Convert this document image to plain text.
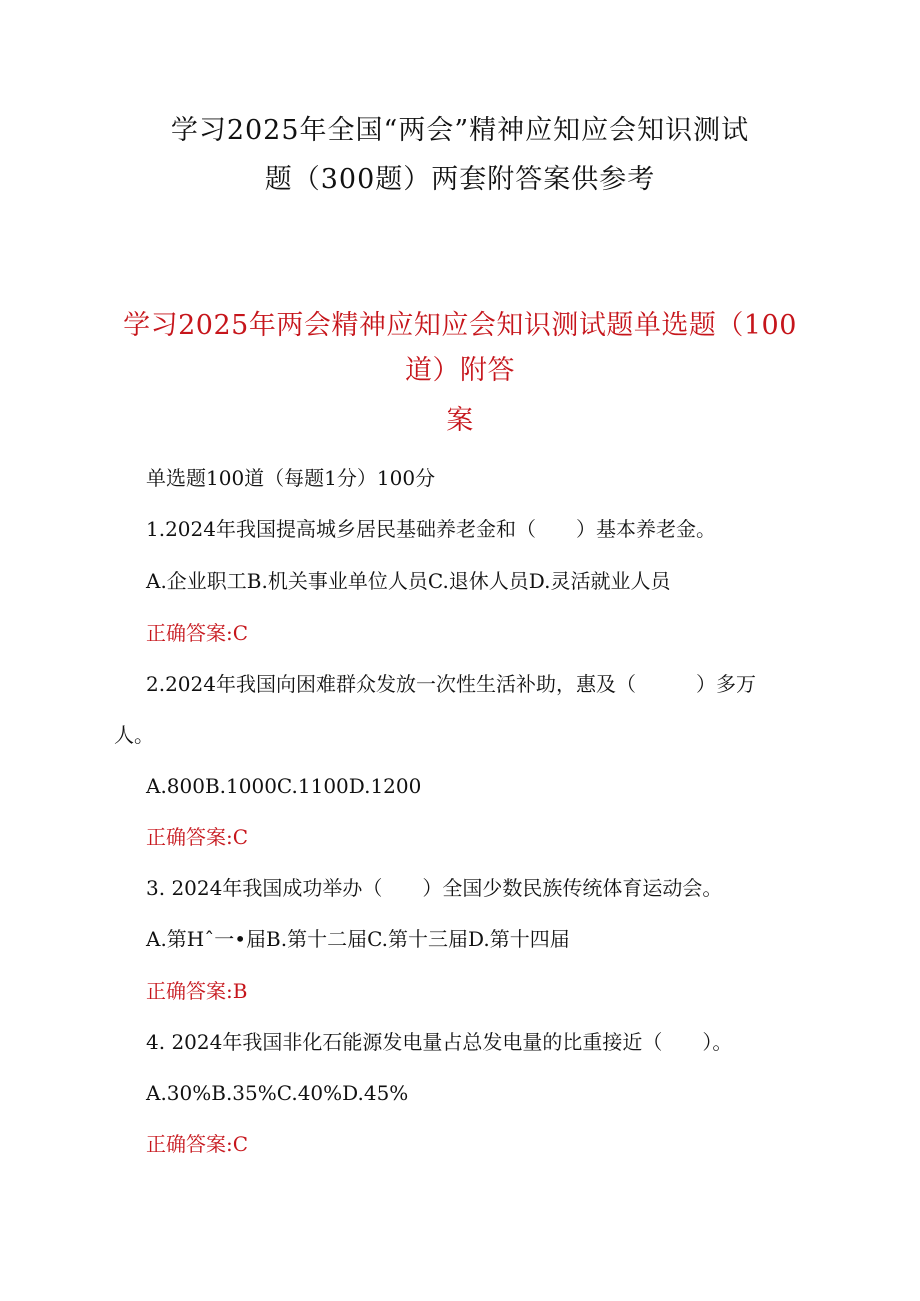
学习2025年全国“两会”精神应知应会知识测试
题（300题）两套附答案供参考
学习2025年两会精神应知应会知识测试题单选题（100
道）附答
案
单选题100道（每题1分）100分
1.2024年我国提高城乡居民基础养老金和（　　）基本养老金。
A.企业职工B.机关事业单位人员C.退休人员D.灵活就业人员
正确答案:C
2.2024年我国向困难群众发放一次性生活补助，惠及（　　　）多万
人。
A.800B.1000C.1100D.1200
正确答案:C
3. 2024年我国成功举办（　　）全国少数民族传统体育运动会。
A.第Hˆ一•届B.第十二届C.第十三届D.第十四届
正确答案:B
4. 2024年我国非化石能源发电量占总发电量的比重接近（　　）。
A.30%B.35%C.40%D.45%
正确答案:C
